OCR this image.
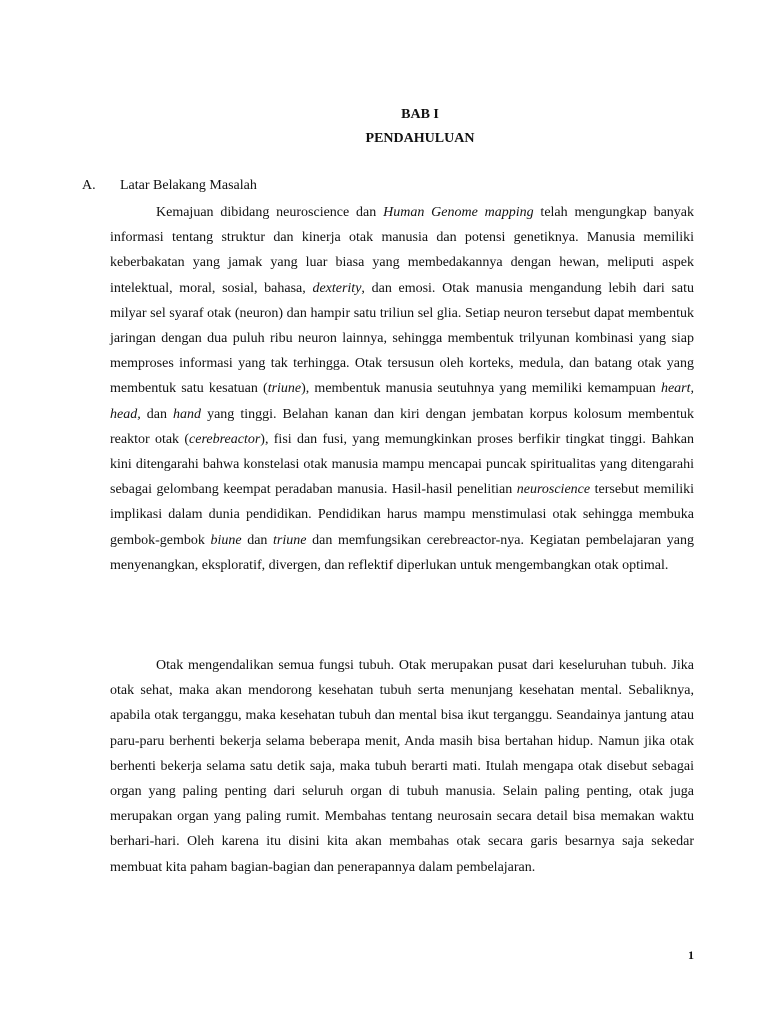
BAB I
PENDAHULUAN
A. Latar Belakang Masalah

Kemajuan dibidang neuroscience dan Human Genome mapping telah mengungkap banyak informasi tentang struktur dan kinerja otak manusia dan potensi genetiknya. Manusia memiliki keberbakatan yang jamak yang luar biasa yang membedakannya dengan hewan, meliputi aspek intelektual, moral, sosial, bahasa, dexterity, dan emosi. Otak manusia mengandung lebih dari satu milyar sel syaraf otak (neuron) dan hampir satu triliun sel glia. Setiap neuron tersebut dapat membentuk jaringan dengan dua puluh ribu neuron lainnya, sehingga membentuk trilyunan kombinasi yang siap memproses informasi yang tak terhingga. Otak tersusun oleh korteks, medula, dan batang otak yang membentuk satu kesatuan (triune), membentuk manusia seutuhnya yang memiliki kemampuan heart, head, dan hand yang tinggi. Belahan kanan dan kiri dengan jembatan korpus kolosum membentuk reaktor otak (cerebreactor), fisi dan fusi, yang memungkinkan proses berfikir tingkat tinggi. Bahkan kini ditengarahi bahwa konstelasi otak manusia mampu mencapai puncak spiritualitas yang ditengarahi sebagai gelombang keempat peradaban manusia. Hasil-hasil penelitian neuroscience tersebut memiliki implikasi dalam dunia pendidikan. Pendidikan harus mampu menstimulasi otak sehingga membuka gembok-gembok biune dan triune dan memfungsikan cerebreactor-nya. Kegiatan pembelajaran yang menyenangkan, eksploratif, divergen, dan reflektif diperlukan untuk mengembangkan otak optimal.

Otak mengendalikan semua fungsi tubuh. Otak merupakan pusat dari keseluruhan tubuh. Jika otak sehat, maka akan mendorong kesehatan tubuh serta menunjang kesehatan mental. Sebaliknya, apabila otak terganggu, maka kesehatan tubuh dan mental bisa ikut terganggu. Seandainya jantung atau paru-paru berhenti bekerja selama beberapa menit, Anda masih bisa bertahan hidup. Namun jika otak berhenti bekerja selama satu detik saja, maka tubuh berarti mati. Itulah mengapa otak disebut sebagai organ yang paling penting dari seluruh organ di tubuh manusia. Selain paling penting, otak juga merupakan organ yang paling rumit. Membahas tentang neurosain secara detail bisa memakan waktu berhari-hari. Oleh karena itu disini kita akan membahas otak secara garis besarnya saja sekedar membuat kita paham bagian-bagian dan penerapannya dalam pembelajaran.

1
